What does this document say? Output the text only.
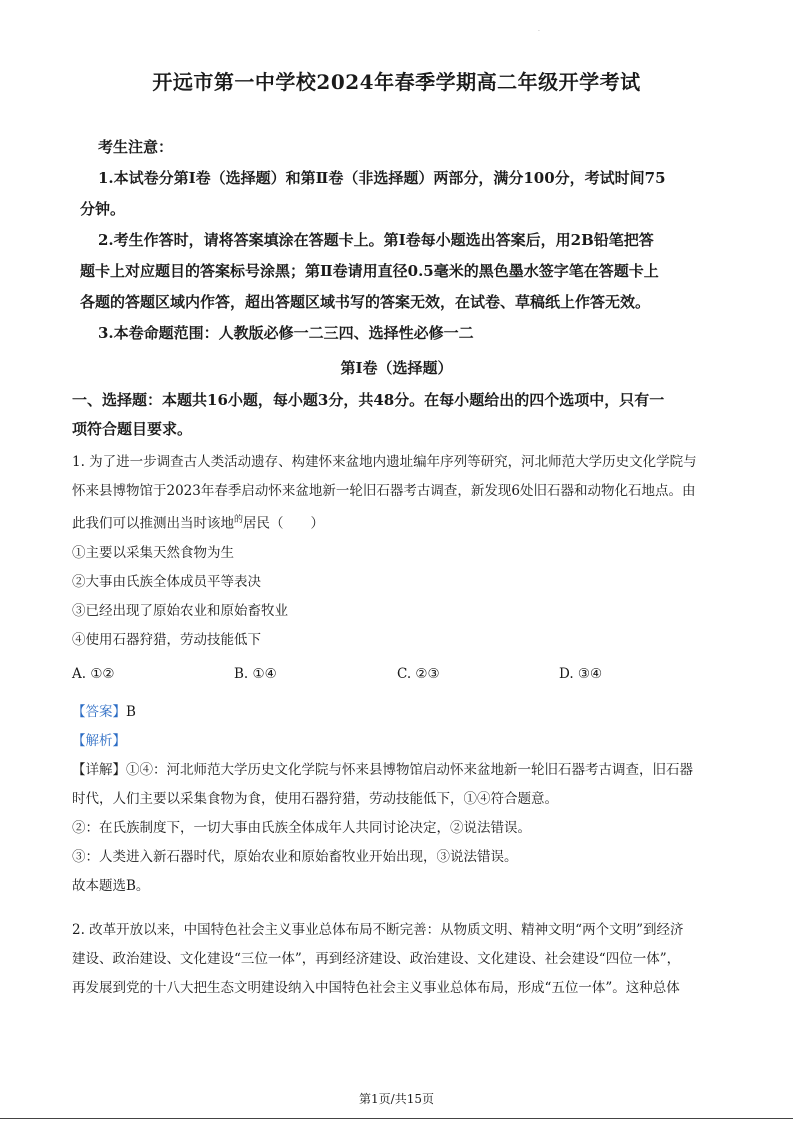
·
开远市第一中学校2024年春季学期高二年级开学考试

考生注意：

1.本试卷分第Ⅰ卷（选择题）和第Ⅱ卷（非选择题）两部分，满分100分，考试时间75

分钟。

2.考生作答时，请将答案填涂在答题卡上。第Ⅰ卷每小题选出答案后，用2B铅笔把答

题卡上对应题目的答案标号涂黑；第Ⅱ卷请用直径0.5毫米的黑色墨水签字笔在答题卡上

各题的答题区域内作答，超出答题区域书写的答案无效，在试卷、草稿纸上作答无效。

3.本卷命题范围：人教版必修一二三四、选择性必修一二

第Ⅰ卷（选择题）
一、选择题：本题共16小题，每小题3分，共48分。在每小题给出的四个选项中，只有一
项符合题目要求。

1. 为了进一步调查古人类活动遗存、构建怀来盆地内遗址编年序列等研究，河北师范大学历史文化学院与

怀来县博物馆于2023年春季启动怀来盆地新一轮旧石器考古调查，新发现6处旧石器和动物化石地点。由

此我们可以推测出当时该地$^的$居民（　　）

①主要以采集天然食物为生

②大事由氏族全体成员平等表决

③已经出现了原始农业和原始畜牧业

④使用石器狩猎，劳动技能低下

A. ①②	B. ①④	C. ②③	D. ③④

【答案】B

【解析】

【详解】①④：河北师范大学历史文化学院与怀来县博物馆启动怀来盆地新一轮旧石器考古调查，旧石器

时代，人们主要以采集食物为食，使用石器狩猎，劳动技能低下，①④符合题意。

②：在氏族制度下，一切大事由氏族全体成年人共同讨论决定，②说法错误。

③：人类进入新石器时代，原始农业和原始畜牧业开始出现，③说法错误。

故本题选B。

2. 改革开放以来，中国特色社会主义事业总体布局不断完善：从物质文明、精神文明“两个文明”到经济

建设、政治建设、文化建设“三位一体”，再到经济建设、政治建设、文化建设、社会建设“四位一体”，

再发展到党的十八大把生态文明建设纳入中国特色社会主义事业总体布局，形成“五位一体”。这种总体

第1页/共15页
